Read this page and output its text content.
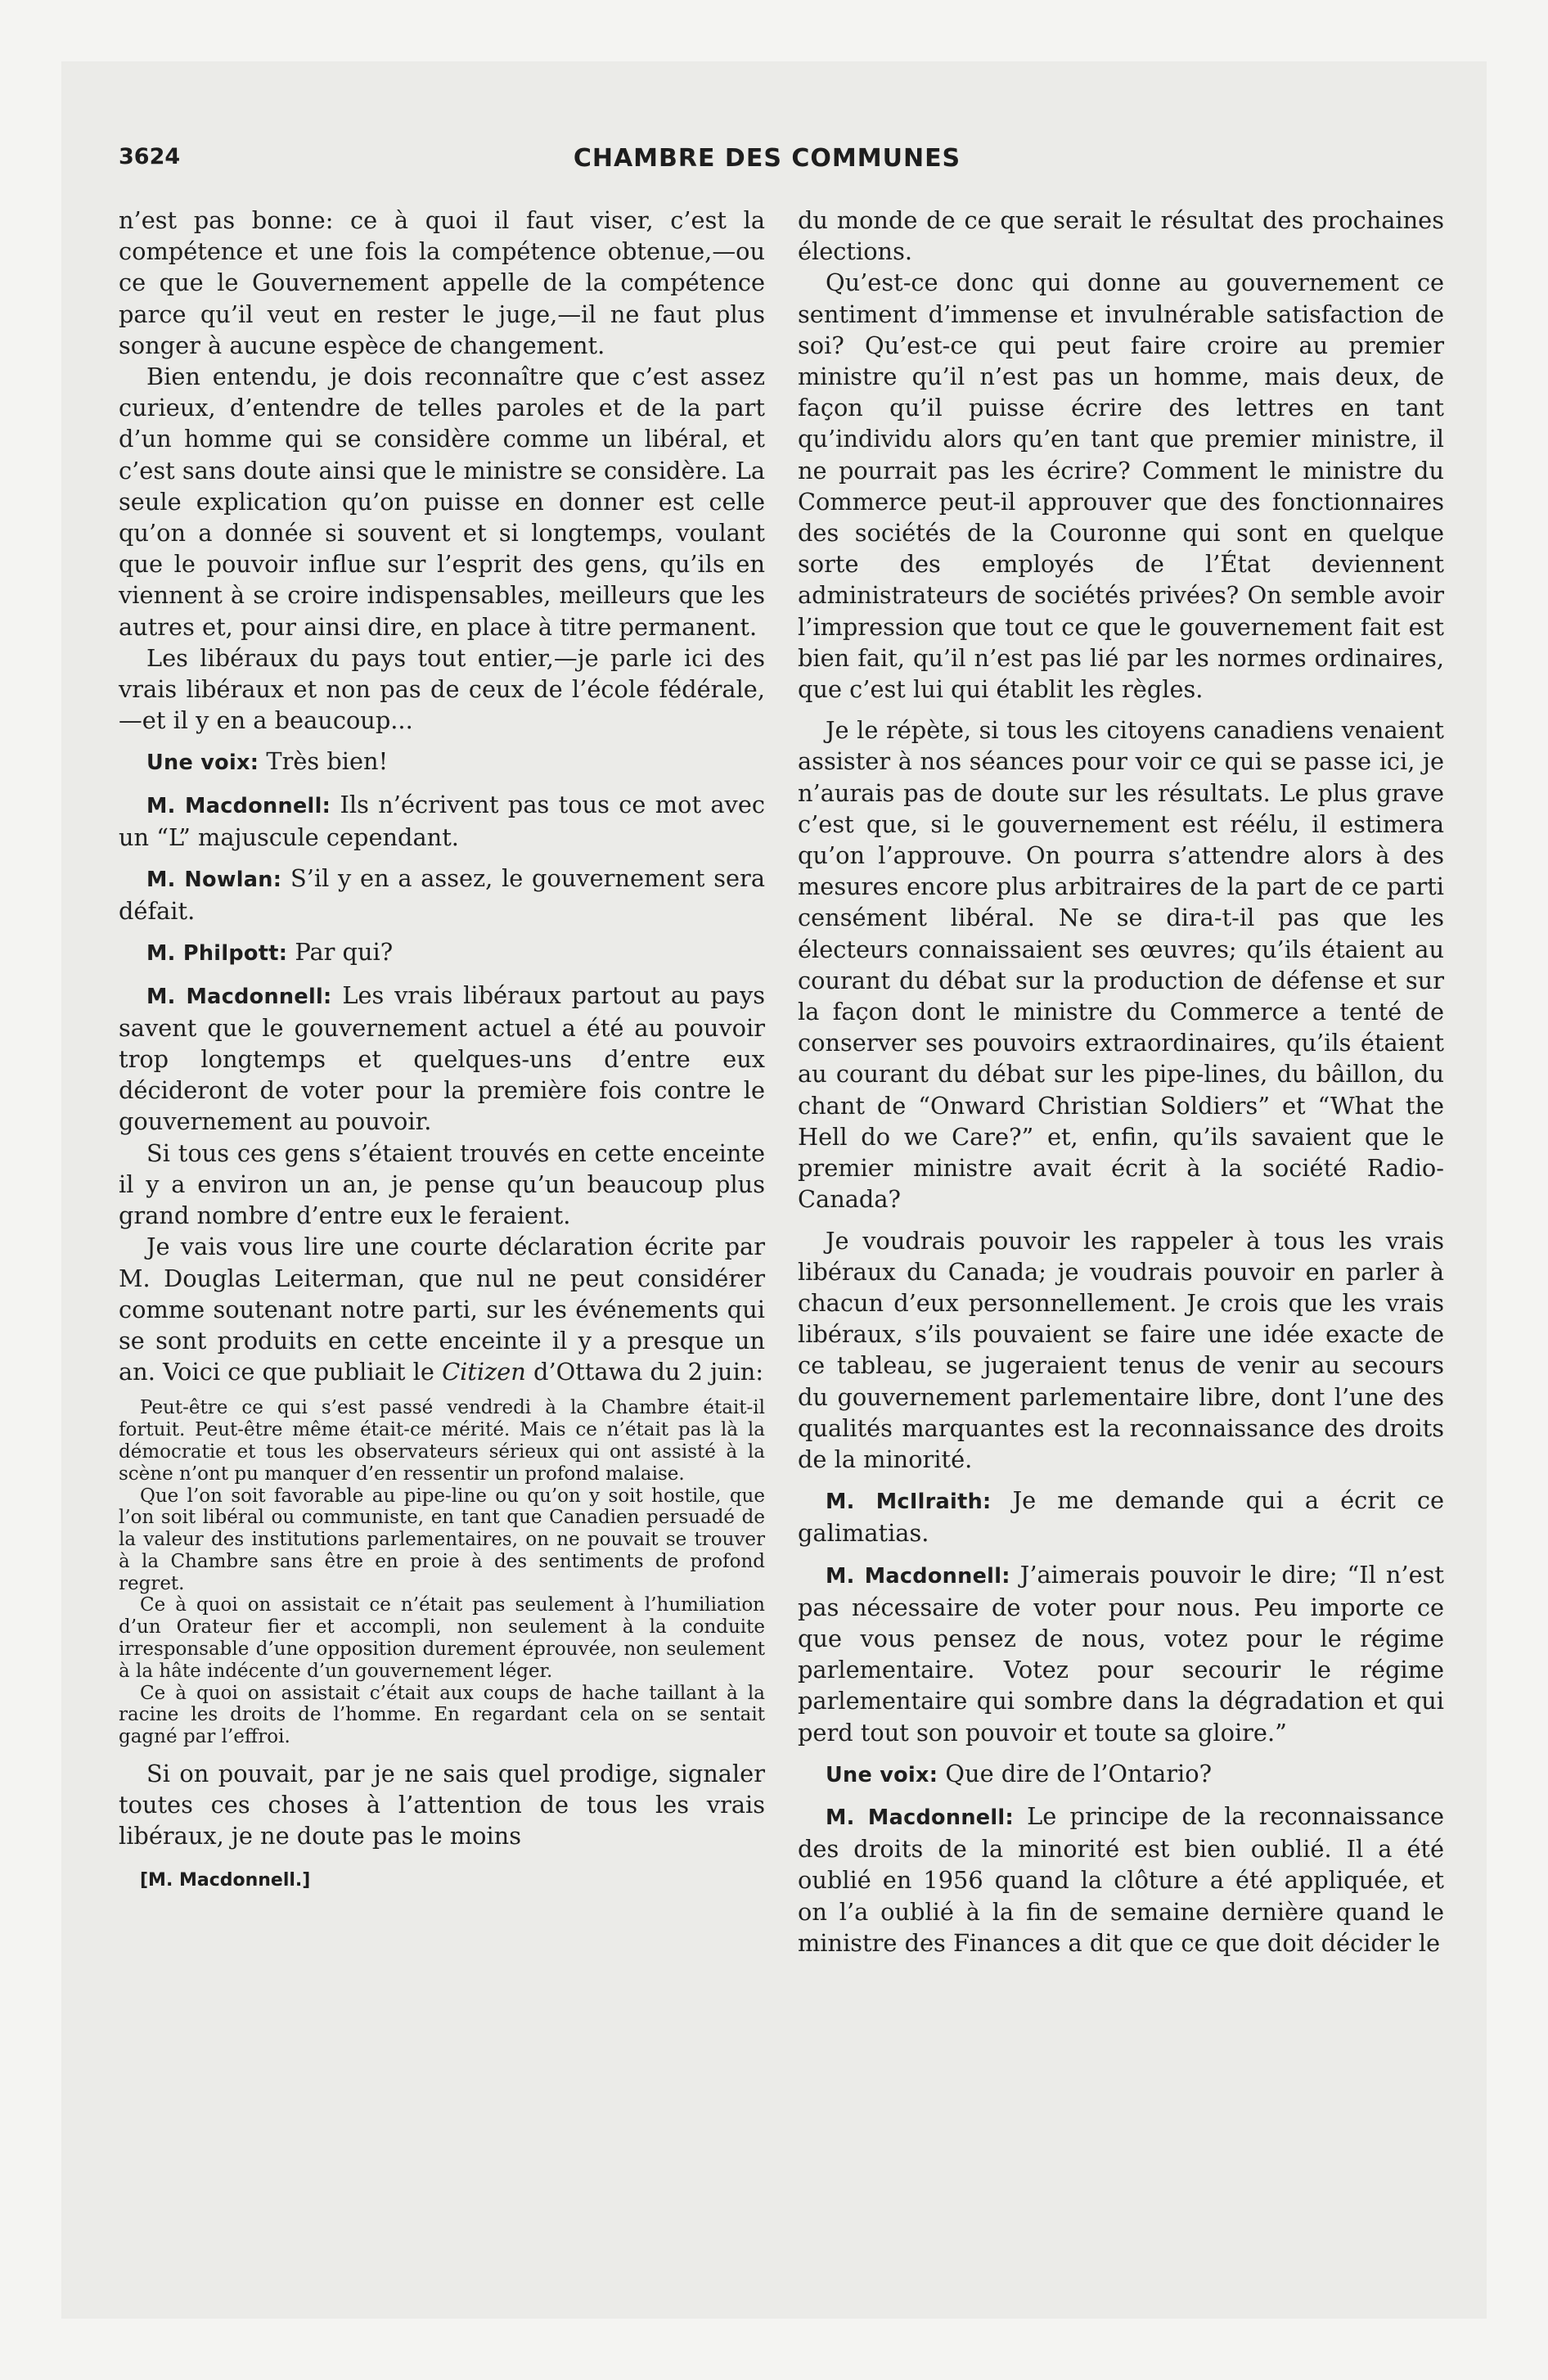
3624	CHAMBRE DES COMMUNES

n’est pas bonne: ce à quoi il faut viser, c’est la compétence et une fois la compétence obtenue,—ou ce que le Gouvernement appelle de la compétence parce qu’il veut en rester le juge,—il ne faut plus songer à aucune espèce de changement.

Bien entendu, je dois reconnaître que c’est assez curieux, d’entendre de telles paroles et de la part d’un homme qui se considère comme un libéral, et c’est sans doute ainsi que le ministre se considère. La seule explication qu’on puisse en donner est celle qu’on a donnée si souvent et si longtemps, voulant que le pouvoir influe sur l’esprit des gens, qu’ils en viennent à se croire indispensables, meilleurs que les autres et, pour ainsi dire, en place à titre permanent.

Les libéraux du pays tout entier,—je parle ici des vrais libéraux et non pas de ceux de l’école fédérale,—et il y en a beaucoup...

Une voix: Très bien!

M. Macdonnell: Ils n’écrivent pas tous ce mot avec un “L” majuscule cependant.

M. Nowlan: S’il y en a assez, le gouvernement sera défait.

M. Philpott: Par qui?

M. Macdonnell: Les vrais libéraux partout au pays savent que le gouvernement actuel a été au pouvoir trop longtemps et quelques-uns d’entre eux décideront de voter pour la première fois contre le gouvernement au pouvoir.

Si tous ces gens s’étaient trouvés en cette enceinte il y a environ un an, je pense qu’un beaucoup plus grand nombre d’entre eux le feraient.

Je vais vous lire une courte déclaration écrite par M. Douglas Leiterman, que nul ne peut considérer comme soutenant notre parti, sur les événements qui se sont produits en cette enceinte il y a presque un an. Voici ce que publiait le Citizen d’Ottawa du 2 juin:

Peut-être ce qui s’est passé vendredi à la Chambre était-il fortuit. Peut-être même était-ce mérité. Mais ce n’était pas là la démocratie et tous les observateurs sérieux qui ont assisté à la scène n’ont pu manquer d’en ressentir un profond malaise.

Que l’on soit favorable au pipe-line ou qu’on y soit hostile, que l’on soit libéral ou communiste, en tant que Canadien persuadé de la valeur des institutions parlementaires, on ne pouvait se trouver à la Chambre sans être en proie à des sentiments de profond regret.

Ce à quoi on assistait ce n’était pas seulement à l’humiliation d’un Orateur fier et accompli, non seulement à la conduite irresponsable d’une opposition durement éprouvée, non seulement à la hâte indécente d’un gouvernement léger.

Ce à quoi on assistait c’était aux coups de hache taillant à la racine les droits de l’homme. En regardant cela on se sentait gagné par l’effroi.

Si on pouvait, par je ne sais quel prodige, signaler toutes ces choses à l’attention de tous les vrais libéraux, je ne doute pas le moins

[M. Macdonnell.]

du monde de ce que serait le résultat des prochaines élections.

Qu’est-ce donc qui donne au gouvernement ce sentiment d’immense et invulnérable satisfaction de soi? Qu’est-ce qui peut faire croire au premier ministre qu’il n’est pas un homme, mais deux, de façon qu’il puisse écrire des lettres en tant qu’individu alors qu’en tant que premier ministre, il ne pourrait pas les écrire? Comment le ministre du Commerce peut-il approuver que des fonctionnaires des sociétés de la Couronne qui sont en quelque sorte des employés de l’État deviennent administrateurs de sociétés privées? On semble avoir l’impression que tout ce que le gouvernement fait est bien fait, qu’il n’est pas lié par les normes ordinaires, que c’est lui qui établit les règles.

Je le répète, si tous les citoyens canadiens venaient assister à nos séances pour voir ce qui se passe ici, je n’aurais pas de doute sur les résultats. Le plus grave c’est que, si le gouvernement est réélu, il estimera qu’on l’approuve. On pourra s’attendre alors à des mesures encore plus arbitraires de la part de ce parti censément libéral. Ne se dira-t-il pas que les électeurs connaissaient ses œuvres; qu’ils étaient au courant du débat sur la production de défense et sur la façon dont le ministre du Commerce a tenté de conserver ses pouvoirs extraordinaires, qu’ils étaient au courant du débat sur les pipe-lines, du bâillon, du chant de “Onward Christian Soldiers” et “What the Hell do we Care?” et, enfin, qu’ils savaient que le premier ministre avait écrit à la société Radio-Canada?

Je voudrais pouvoir les rappeler à tous les vrais libéraux du Canada; je voudrais pouvoir en parler à chacun d’eux personnellement. Je crois que les vrais libéraux, s’ils pouvaient se faire une idée exacte de ce tableau, se jugeraient tenus de venir au secours du gouvernement parlementaire libre, dont l’une des qualités marquantes est la reconnaissance des droits de la minorité.

M. McIlraith: Je me demande qui a écrit ce galimatias.

M. Macdonnell: J’aimerais pouvoir le dire; “Il n’est pas nécessaire de voter pour nous. Peu importe ce que vous pensez de nous, votez pour le régime parlementaire. Votez pour secourir le régime parlementaire qui sombre dans la dégradation et qui perd tout son pouvoir et toute sa gloire.”

Une voix: Que dire de l’Ontario?

M. Macdonnell: Le principe de la reconnaissance des droits de la minorité est bien oublié. Il a été oublié en 1956 quand la clôture a été appliquée, et on l’a oublié à la fin de semaine dernière quand le ministre des Finances a dit que ce que doit décider le
